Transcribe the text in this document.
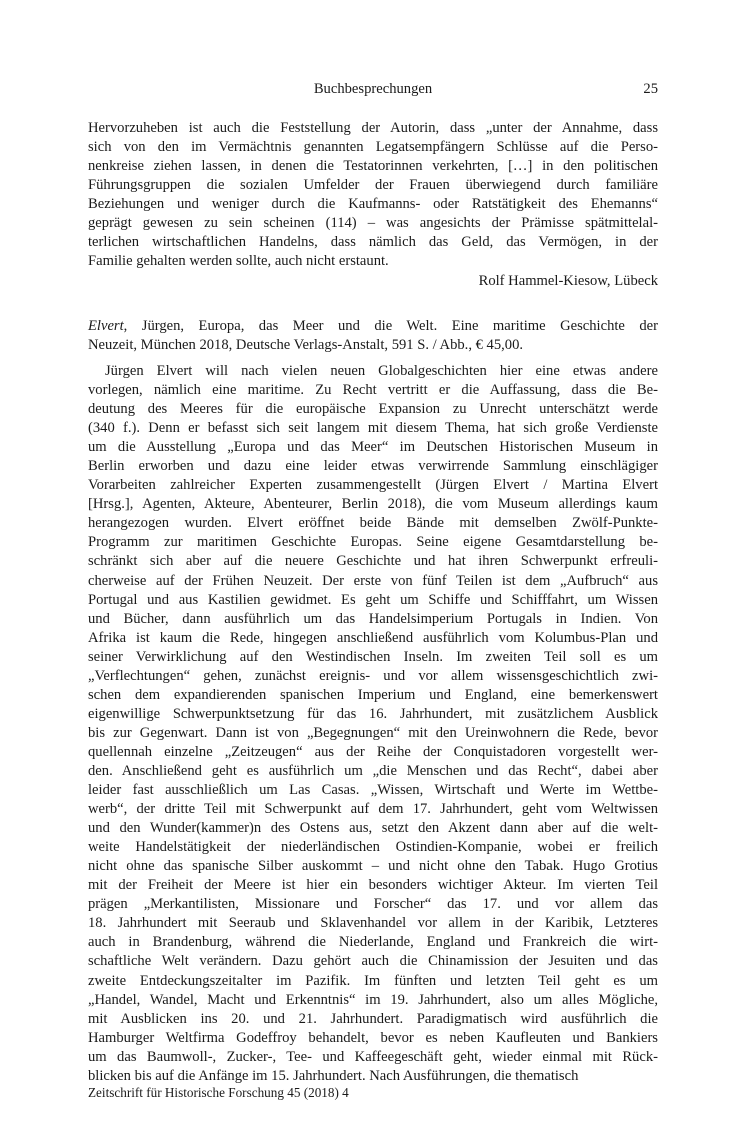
Buchbesprechungen	25
Hervorzuheben ist auch die Feststellung der Autorin, dass „unter der Annahme, dass
sich von den im Vermächtnis genannten Legatsempfängern Schlüsse auf die Perso-
nenkreise ziehen lassen, in denen die Testatorinnen verkehrten, […] in den politischen
Führungsgruppen die sozialen Umfelder der Frauen überwiegend durch familiäre
Beziehungen und weniger durch die Kaufmanns- oder Ratstätigkeit des Ehemanns“
geprägt gewesen zu sein scheinen (114) – was angesichts der Prämisse spätmittelal-
terlichen wirtschaftlichen Handelns, dass nämlich das Geld, das Vermögen, in der
Familie gehalten werden sollte, auch nicht erstaunt.
Rolf Hammel-Kiesow, Lübeck
Elvert, Jürgen, Europa, das Meer und die Welt. Eine maritime Geschichte der
Neuzeit, München 2018, Deutsche Verlags-Anstalt, 591 S. / Abb., € 45,00.
Jürgen Elvert will nach vielen neuen Globalgeschichten hier eine etwas andere
vorlegen, nämlich eine maritime. Zu Recht vertritt er die Auffassung, dass die Be-
deutung des Meeres für die europäische Expansion zu Unrecht unterschätzt werde
(340 f.). Denn er befasst sich seit langem mit diesem Thema, hat sich große Verdienste
um die Ausstellung „Europa und das Meer“ im Deutschen Historischen Museum in
Berlin erworben und dazu eine leider etwas verwirrende Sammlung einschlägiger
Vorarbeiten zahlreicher Experten zusammengestellt (Jürgen Elvert / Martina Elvert
[Hrsg.], Agenten, Akteure, Abenteurer, Berlin 2018), die vom Museum allerdings kaum
herangezogen wurden. Elvert eröffnet beide Bände mit demselben Zwölf-Punkte-
Programm zur maritimen Geschichte Europas. Seine eigene Gesamtdarstellung be-
schränkt sich aber auf die neuere Geschichte und hat ihren Schwerpunkt erfreuli-
cherweise auf der Frühen Neuzeit. Der erste von fünf Teilen ist dem „Aufbruch“ aus
Portugal und aus Kastilien gewidmet. Es geht um Schiffe und Schifffahrt, um Wissen
und Bücher, dann ausführlich um das Handelsimperium Portugals in Indien. Von
Afrika ist kaum die Rede, hingegen anschließend ausführlich vom Kolumbus-Plan und
seiner Verwirklichung auf den Westindischen Inseln. Im zweiten Teil soll es um
„Verflechtungen“ gehen, zunächst ereignis- und vor allem wissensgeschichtlich zwi-
schen dem expandierenden spanischen Imperium und England, eine bemerkenswert
eigenwillige Schwerpunktsetzung für das 16. Jahrhundert, mit zusätzlichem Ausblick
bis zur Gegenwart. Dann ist von „Begegnungen“ mit den Ureinwohnern die Rede, bevor
quellennah einzelne „Zeitzeugen“ aus der Reihe der Conquistadoren vorgestellt wer-
den. Anschließend geht es ausführlich um „die Menschen und das Recht“, dabei aber
leider fast ausschließlich um Las Casas. „Wissen, Wirtschaft und Werte im Wettbe-
werb“, der dritte Teil mit Schwerpunkt auf dem 17. Jahrhundert, geht vom Weltwissen
und den Wunder(kammer)n des Ostens aus, setzt den Akzent dann aber auf die welt-
weite Handelstätigkeit der niederländischen Ostindien-Kompanie, wobei er freilich
nicht ohne das spanische Silber auskommt – und nicht ohne den Tabak. Hugo Grotius
mit der Freiheit der Meere ist hier ein besonders wichtiger Akteur. Im vierten Teil
prägen „Merkantilisten, Missionare und Forscher“ das 17. und vor allem das
18. Jahrhundert mit Seeraub und Sklavenhandel vor allem in der Karibik, Letzteres
auch in Brandenburg, während die Niederlande, England und Frankreich die wirt-
schaftliche Welt verändern. Dazu gehört auch die Chinamission der Jesuiten und das
zweite Entdeckungszeitalter im Pazifik. Im fünften und letzten Teil geht es um
„Handel, Wandel, Macht und Erkenntnis“ im 19. Jahrhundert, also um alles Mögliche,
mit Ausblicken ins 20. und 21. Jahrhundert. Paradigmatisch wird ausführlich die
Hamburger Weltfirma Godeffroy behandelt, bevor es neben Kaufleuten und Bankiers
um das Baumwoll-, Zucker-, Tee- und Kaffeegeschäft geht, wieder einmal mit Rück-
blicken bis auf die Anfänge im 15. Jahrhundert. Nach Ausführungen, die thematisch
Zeitschrift für Historische Forschung 45 (2018) 4
